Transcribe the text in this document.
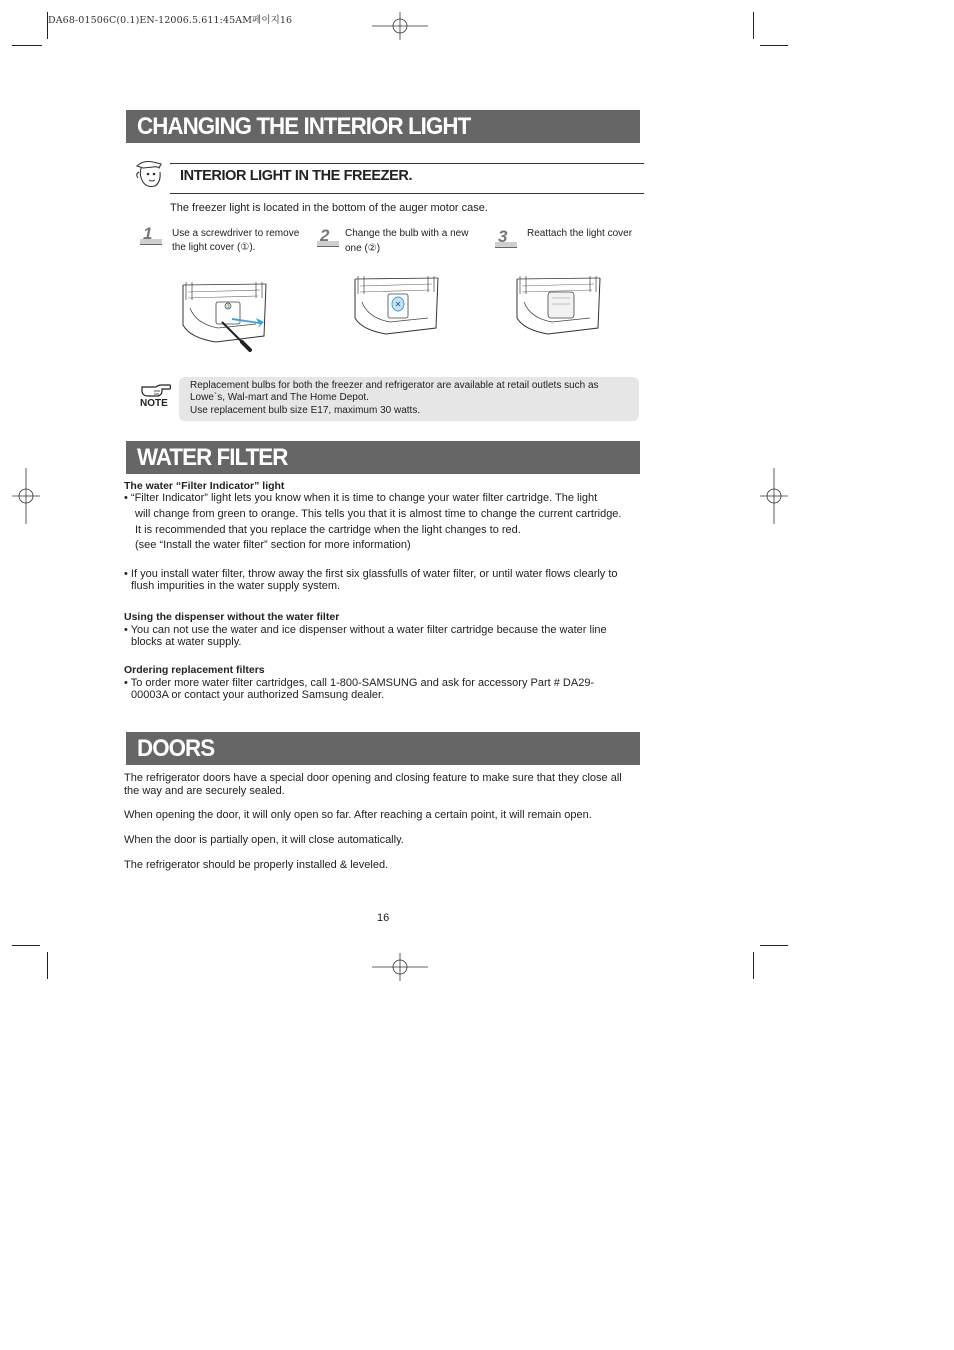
DA68-01506C(0.1)EN-12006.5.611:45AM페이지16
CHANGING THE INTERIOR LIGHT
INTERIOR LIGHT IN THE FREEZER.
The freezer light is located in the bottom of the auger motor case.
1 Use a screwdriver to remove
the light cover (①).
2 Change the bulb with a new
one (②)
3 Reattach the light cover
①
NOTE
Replacement bulbs for both the freezer and refrigerator are available at retail outlets such as
Lowe`s, Wal-mart and The Home Depot.
Use replacement bulb size E17, maximum 30 watts.
WATER FILTER
The water “Filter Indicator” light
• “Filter Indicator” light lets you know when it is time to change your water filter cartridge. The light
will change from green to orange. This tells you that it is almost time to change the current cartridge.
It is recommended that you replace the cartridge when the light changes to red.
(see “Install the water filter” section for more information)
• If you install water filter, throw away the first six glassfulls of water filter, or until water flows clearly to
flush impurities in the water supply system.
Using the dispenser without the water filter
• You can not use the water and ice dispenser without a water filter cartridge because the water line
blocks at water supply.
Ordering replacement filters
• To order more water filter cartridges, call 1-800-SAMSUNG and ask for accessory Part # DA29-
00003A or contact your authorized Samsung dealer.
DOORS
The refrigerator doors have a special door opening and closing feature to make sure that they close all
the way and are securely sealed.
When opening the door, it will only open so far. After reaching a certain point, it will remain open.
When the door is partially open, it will close automatically.
The refrigerator should be properly installed & leveled.
16
